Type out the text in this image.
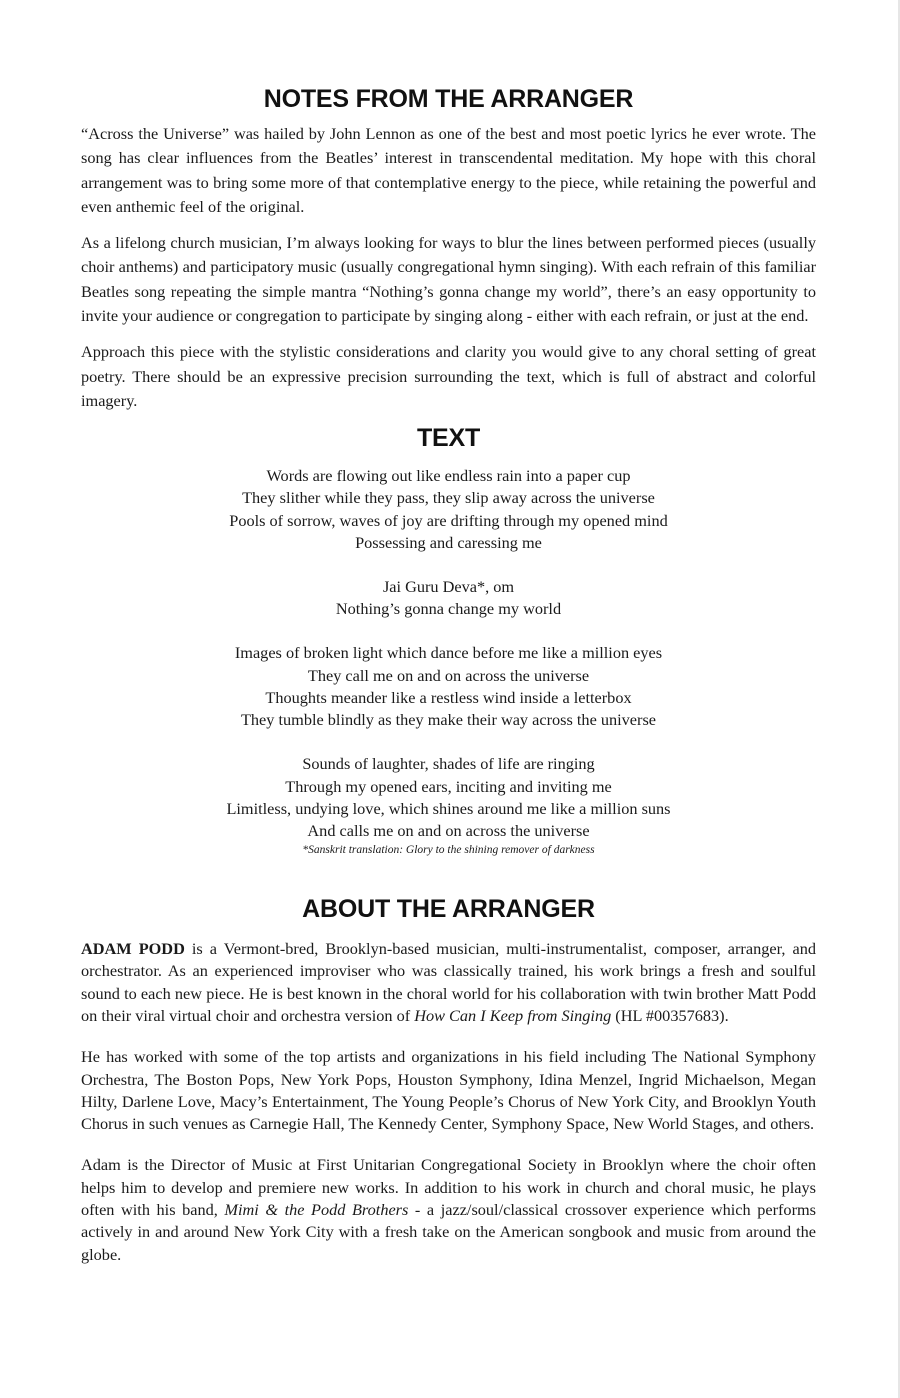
NOTES FROM THE ARRANGER

“Across the Universe” was hailed by John Lennon as one of the best and most poetic lyrics he ever wrote. The song has clear influences from the Beatles’ interest in transcendental meditation. My hope with this choral arrangement was to bring some more of that contemplative energy to the piece, while retaining the powerful and even anthemic feel of the original.

As a lifelong church musician, I’m always looking for ways to blur the lines between performed pieces (usually choir anthems) and participatory music (usually congregational hymn singing). With each refrain of this familiar Beatles song repeating the simple mantra “Nothing’s gonna change my world”, there’s an easy opportunity to invite your audience or congregation to participate by singing along - either with each refrain, or just at the end.

Approach this piece with the stylistic considerations and clarity you would give to any choral setting of great poetry. There should be an expressive precision surrounding the text, which is full of abstract and colorful imagery.

TEXT
Words are flowing out like endless rain into a paper cup
They slither while they pass, they slip away across the universe
Pools of sorrow, waves of joy are drifting through my opened mind
Possessing and caressing me
Jai Guru Deva*, om
Nothing’s gonna change my world
Images of broken light which dance before me like a million eyes
They call me on and on across the universe
Thoughts meander like a restless wind inside a letterbox
They tumble blindly as they make their way across the universe
Sounds of laughter, shades of life are ringing
Through my opened ears, inciting and inviting me
Limitless, undying love, which shines around me like a million suns
And calls me on and on across the universe
*Sanskrit translation: Glory to the shining remover of darkness
ABOUT THE ARRANGER

ADAM PODD is a Vermont-bred, Brooklyn-based musician, multi-instrumentalist, composer, arranger, and orchestrator. As an experienced improviser who was classically trained, his work brings a fresh and soulful sound to each new piece. He is best known in the choral world for his collaboration with twin brother Matt Podd on their viral virtual choir and orchestra version of How Can I Keep from Singing (HL #00357683).

He has worked with some of the top artists and organizations in his field including The National Symphony Orchestra, The Boston Pops, New York Pops, Houston Symphony, Idina Menzel, Ingrid Michaelson, Megan Hilty, Darlene Love, Macy’s Entertainment, The Young People’s Chorus of New York City, and Brooklyn Youth Chorus in such venues as Carnegie Hall, The Kennedy Center, Symphony Space, New World Stages, and others.

Adam is the Director of Music at First Unitarian Congregational Society in Brooklyn where the choir often helps him to develop and premiere new works. In addition to his work in church and choral music, he plays often with his band, Mimi & the Podd Brothers - a jazz/soul/classical crossover experience which performs actively in and around New York City with a fresh take on the American songbook and music from around the globe.
